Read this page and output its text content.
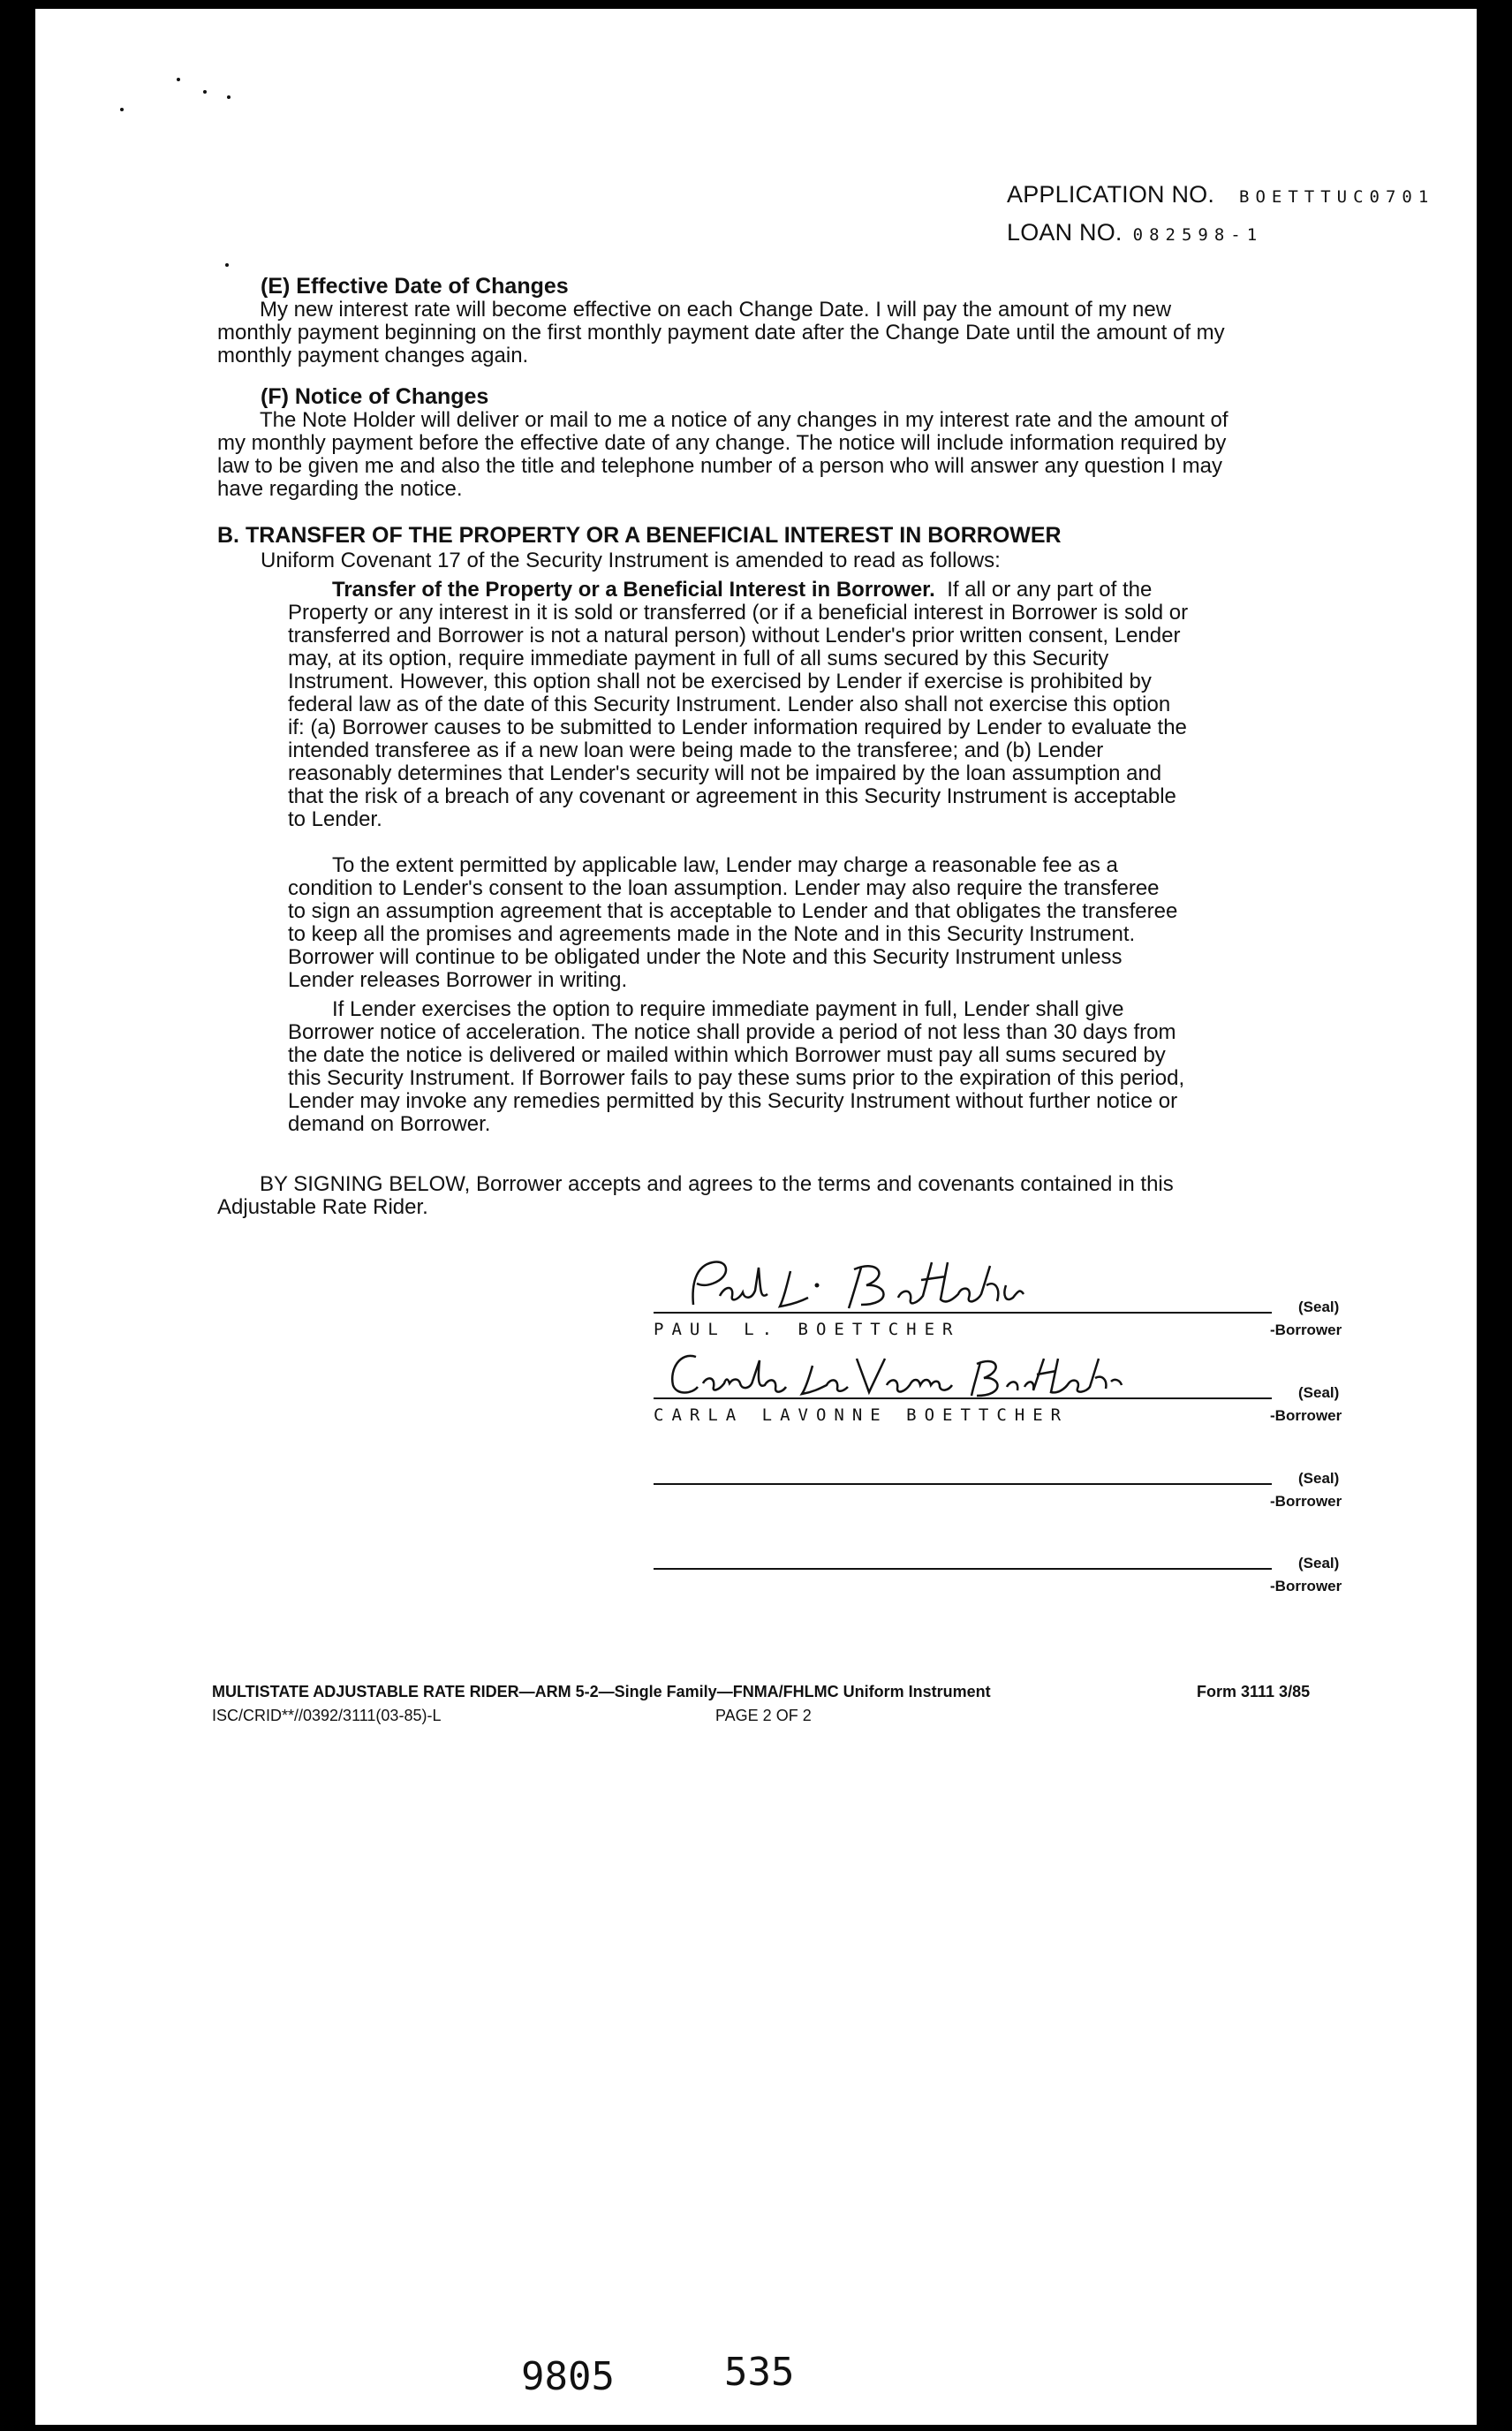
APPLICATION NO. BOETTTUC0701
LOAN NO. 082598-1
(E) Effective Date of Changes

My new interest rate will become effective on each Change Date. I will pay the amount of my new

monthly payment beginning on the first monthly payment date after the Change Date until the amount of my

monthly payment changes again.

(F) Notice of Changes

The Note Holder will deliver or mail to me a notice of any changes in my interest rate and the amount of

my monthly payment before the effective date of any change. The notice will include information required by

law to be given me and also the title and telephone number of a person who will answer any question I may

have regarding the notice.

B. TRANSFER OF THE PROPERTY OR A BENEFICIAL INTEREST IN BORROWER
Uniform Covenant 17 of the Security Instrument is amended to read as follows:

Transfer of the Property or a Beneficial Interest in Borrower. If all or any part of the

Property or any interest in it is sold or transferred (or if a beneficial interest in Borrower is sold or

transferred and Borrower is not a natural person) without Lender's prior written consent, Lender

may, at its option, require immediate payment in full of all sums secured by this Security

Instrument. However, this option shall not be exercised by Lender if exercise is prohibited by

federal law as of the date of this Security Instrument. Lender also shall not exercise this option

if: (a) Borrower causes to be submitted to Lender information required by Lender to evaluate the

intended transferee as if a new loan were being made to the transferee; and (b) Lender

reasonably determines that Lender's security will not be impaired by the loan assumption and

that the risk of a breach of any covenant or agreement in this Security Instrument is acceptable

to Lender.

To the extent permitted by applicable law, Lender may charge a reasonable fee as a

condition to Lender's consent to the loan assumption. Lender may also require the transferee

to sign an assumption agreement that is acceptable to Lender and that obligates the transferee

to keep all the promises and agreements made in the Note and in this Security Instrument.

Borrower will continue to be obligated under the Note and this Security Instrument unless

Lender releases Borrower in writing.

If Lender exercises the option to require immediate payment in full, Lender shall give

Borrower notice of acceleration. The notice shall provide a period of not less than 30 days from

the date the notice is delivered or mailed within which Borrower must pay all sums secured by

this Security Instrument. If Borrower fails to pay these sums prior to the expiration of this period,

Lender may invoke any remedies permitted by this Security Instrument without further notice or

demand on Borrower.

BY SIGNING BELOW, Borrower accepts and agrees to the terms and covenants contained in this

Adjustable Rate Rider.

(Seal)
PAUL L. BOETTCHER	-Borrower
(Seal)
CARLA LAVONNE BOETTCHER	-Borrower
(Seal)
-Borrower
(Seal)
-Borrower
MULTISTATE ADJUSTABLE RATE RIDER—ARM 5-2—Single Family—FNMA/FHLMC Uniform Instrument	Form 3111 3/85
ISC/CRID**//0392/3111(03-85)-L	PAGE 2 OF 2
9805	535
